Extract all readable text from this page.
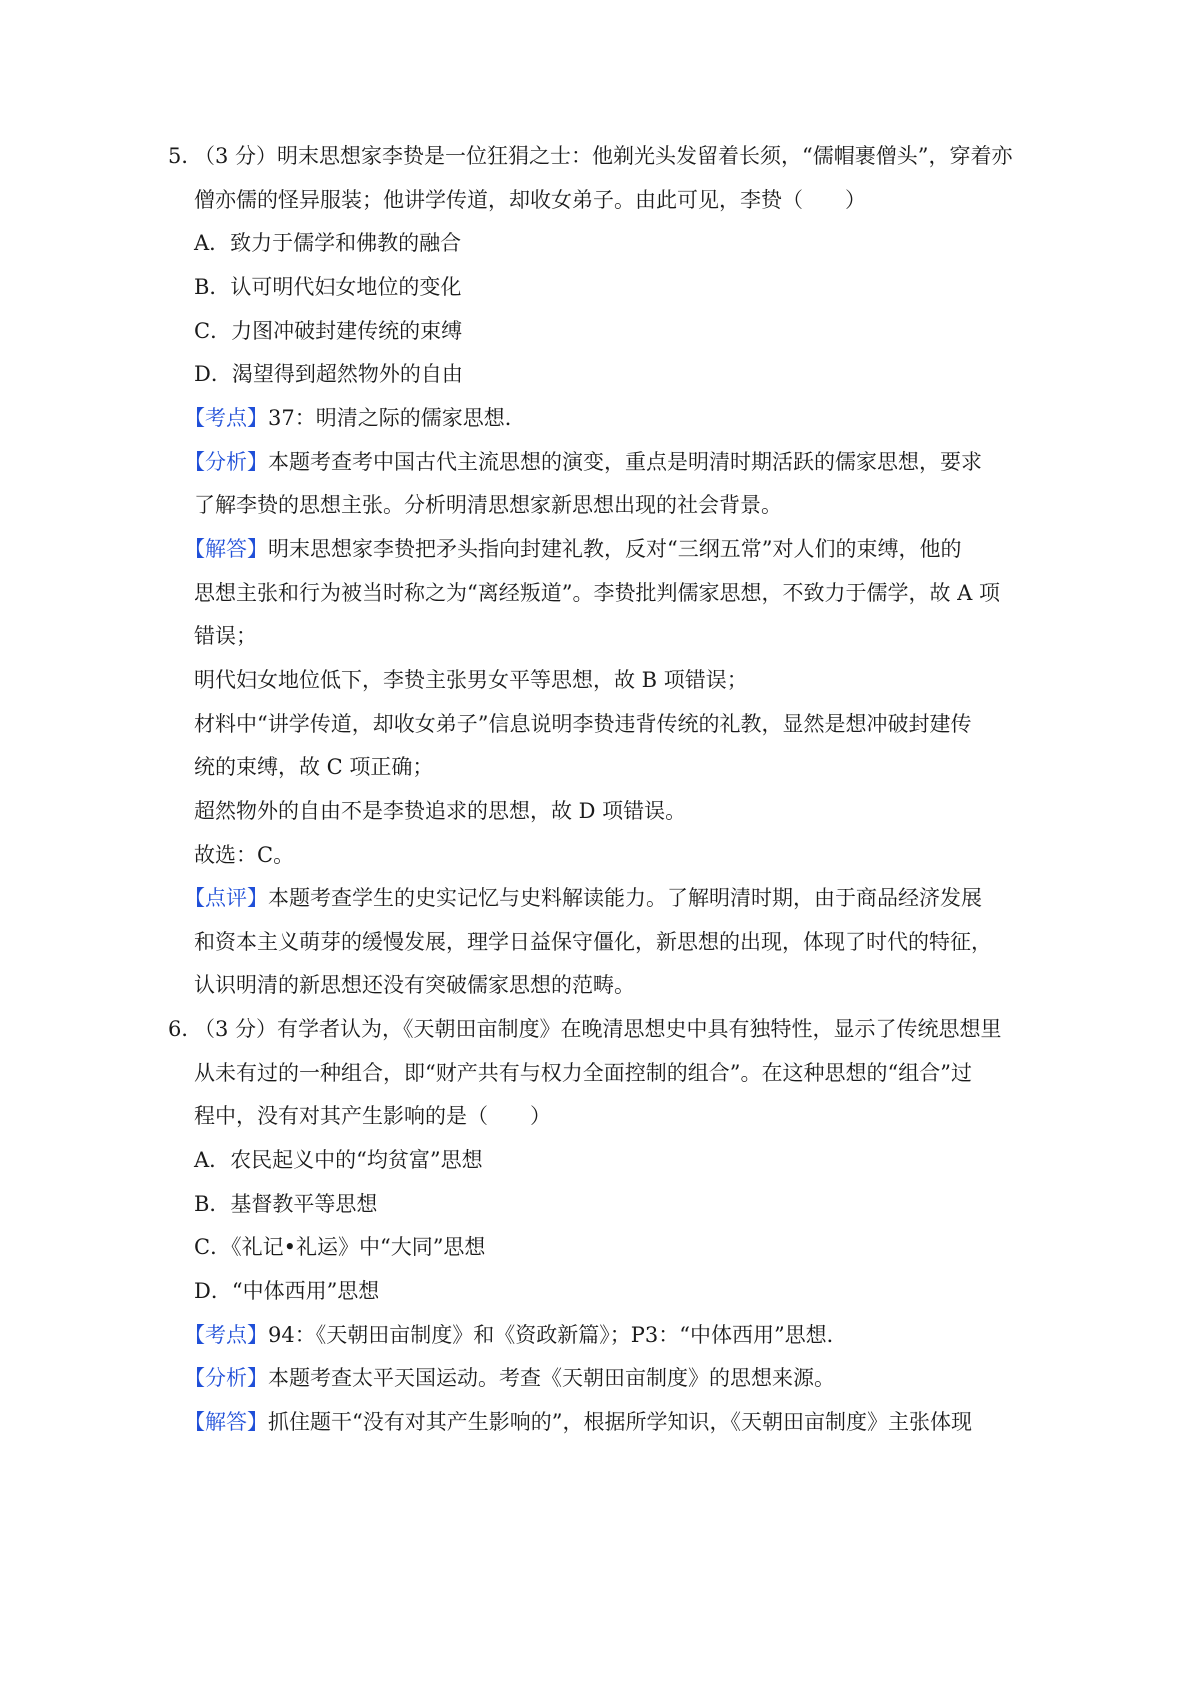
5．
（3 分）明末思想家李贽是一位狂狷之士：他剃光头发留着长须，“儒帽裹僧头”，穿着亦
僧亦儒的怪异服装；他讲学传道，却收女弟子。由此可见，李贽（　　）
A．致力于儒学和佛教的融合
B．认可明代妇女地位的变化
C．力图冲破封建传统的束缚
D．渴望得到超然物外的自由
【考点】37：明清之际的儒家思想．
【分析】本题考查考中国古代主流思想的演变，重点是明清时期活跃的儒家思想，要求
了解李贽的思想主张。分析明清思想家新思想出现的社会背景。
【解答】明末思想家李贽把矛头指向封建礼教，反对“三纲五常”对人们的束缚，他的
思想主张和行为被当时称之为“离经叛道”。李贽批判儒家思想，不致力于儒学，故 A 项
错误；
明代妇女地位低下，李贽主张男女平等思想，故 B 项错误；
材料中“讲学传道，却收女弟子”信息说明李贽违背传统的礼教，显然是想冲破封建传
统的束缚，故 C 项正确；
超然物外的自由不是李贽追求的思想，故 D 项错误。
故选：C。
【点评】本题考查学生的史实记忆与史料解读能力。了解明清时期，由于商品经济发展
和资本主义萌芽的缓慢发展，理学日益保守僵化，新思想的出现，体现了时代的特征，
认识明清的新思想还没有突破儒家思想的范畴。
6．
（3 分）有学者认为，《天朝田亩制度》在晚清思想史中具有独特性，显示了传统思想里
从未有过的一种组合，即“财产共有与权力全面控制的组合”。在这种思想的“组合”过
程中，没有对其产生影响的是（　　）
A．农民起义中的“均贫富”思想
B．基督教平等思想
C．《礼记•礼运》中“大同”思想
D．“中体西用”思想
【考点】94：《天朝田亩制度》和《资政新篇》；P3：“中体西用”思想．
【分析】本题考查太平天国运动。考查《天朝田亩制度》的思想来源。
【解答】抓住题干“没有对其产生影响的”，根据所学知识，《天朝田亩制度》主张体现
